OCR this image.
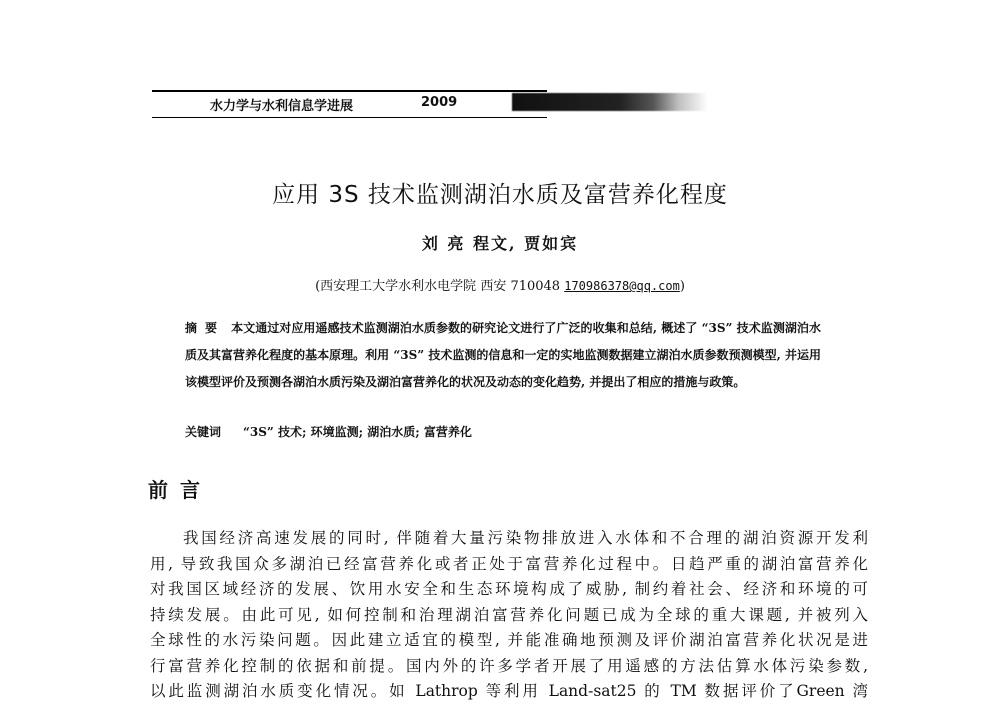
水力学与水利信息学进展	2009
应用 3S 技术监测湖泊水质及富营养化程度
刘 亮 程文, 贾如宾
(西安理工大学水利水电学院 西安 710048 170986378@qq.com)
摘要 本文通过对应用遥感技术监测湖泊水质参数的研究论文进行了广泛的收集和总结, 概述了 “3S” 技术监测湖泊水质及其富营养化程度的基本原理。利用 “3S” 技术监测的信息和一定的实地监测数据建立湖泊水质参数预测模型, 并运用该模型评价及预测各湖泊水质污染及湖泊富营养化的状况及动态的变化趋势, 并提出了相应的措施与政策。
关键词 “3S” 技术; 环境监测; 湖泊水质; 富营养化
前言
我国经济高速发展的同时, 伴随着大量污染物排放进入水体和不合理的湖泊资源开发利
用, 导致我国众多湖泊已经富营养化或者正处于富营养化过程中。日趋严重的湖泊富营养化
对我国区域经济的发展、饮用水安全和生态环境构成了威胁, 制约着社会、经济和环境的可
持续发展。由此可见, 如何控制和治理湖泊富营养化问题已成为全球的重大课题, 并被列入
全球性的水污染问题。因此建立适宜的模型, 并能准确地预测及评价湖泊富营养化状况是进
行富营养化控制的依据和前提。国内外的许多学者开展了用遥感的方法估算水体污染参数,
以此监测湖泊水质变化情况。如 Lathrop 等利用 Land-sat25 的 TM 数据评价了Green 湾
